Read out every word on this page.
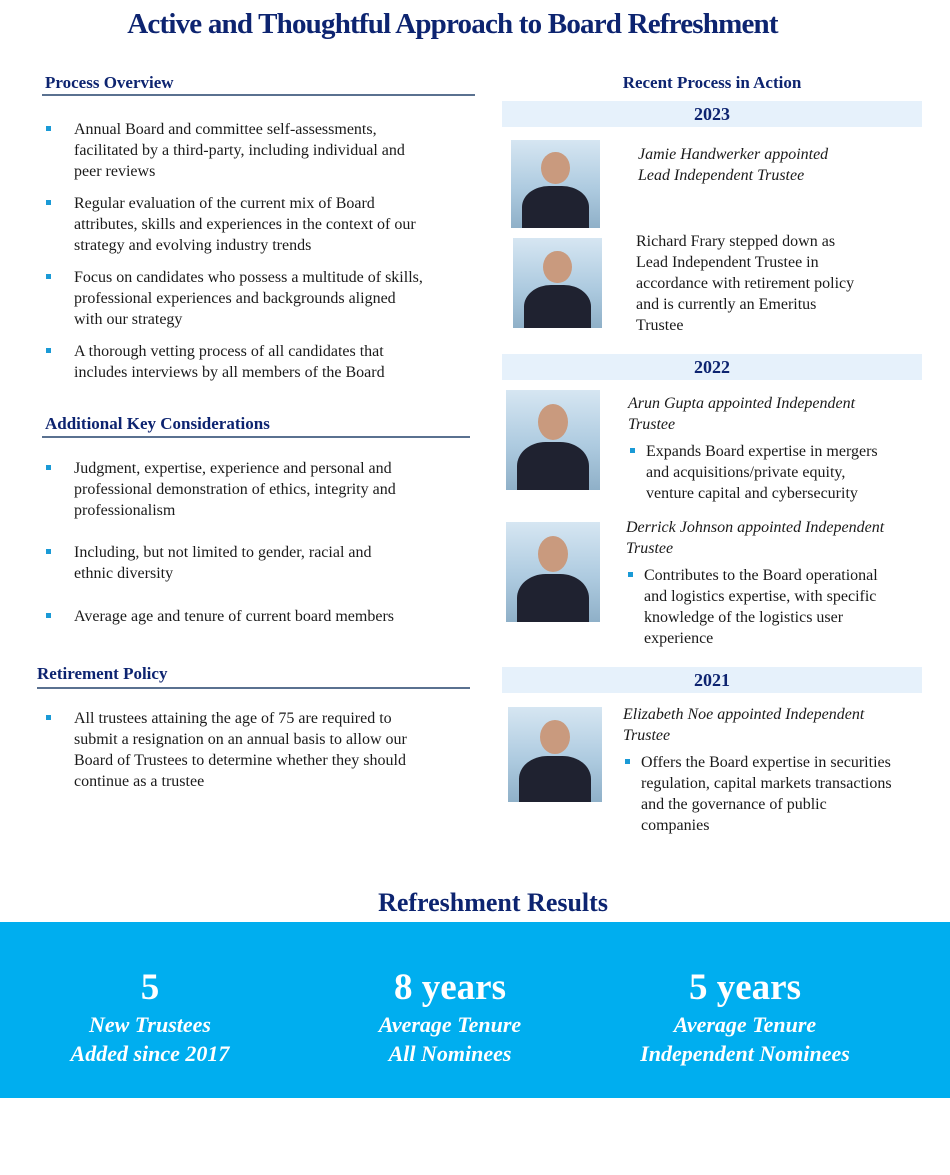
Active and Thoughtful Approach to Board Refreshment
Process Overview
Additional Key Considerations
Retirement Policy
Recent Process in Action
2023
2022
2021
Refreshment Results
Annual Board and committee self-assessments,
facilitated by a third-party, including individual and
peer reviews
Regular evaluation of the current mix of Board
attributes, skills and experiences in the context of our
strategy and evolving industry trends
Focus on candidates who possess a multitude of skills,
professional experiences and backgrounds aligned
with our strategy
A thorough vetting process of all candidates that
includes interviews by all members of the Board
Judgment, expertise, experience and personal and
professional demonstration of ethics, integrity and
professionalism
Including, but not limited to gender, racial and
ethnic diversity
Average age and tenure of current board members
All trustees attaining the age of 75 are required to
submit a resignation on an annual basis to allow our
Board of Trustees to determine whether they should
continue as a trustee
Jamie Handwerker appointed
Lead Independent Trustee
Richard Frary stepped down as
Lead Independent Trustee in
accordance with retirement policy
and is currently an Emeritus
Trustee
Arun Gupta appointed Independent
Trustee
Expands Board expertise in mergers
and acquisitions/private equity,
venture capital and cybersecurity
Derrick Johnson appointed Independent
Trustee
Contributes to the Board operational
and logistics expertise, with specific
knowledge of the logistics user
experience
Elizabeth Noe appointed Independent
Trustee
Offers the Board expertise in securities
regulation, capital markets transactions
and the governance of public
companies
5
New Trustees
Added since 2017
8 years
Average Tenure
All Nominees
5 years
Average Tenure
Independent Nominees
